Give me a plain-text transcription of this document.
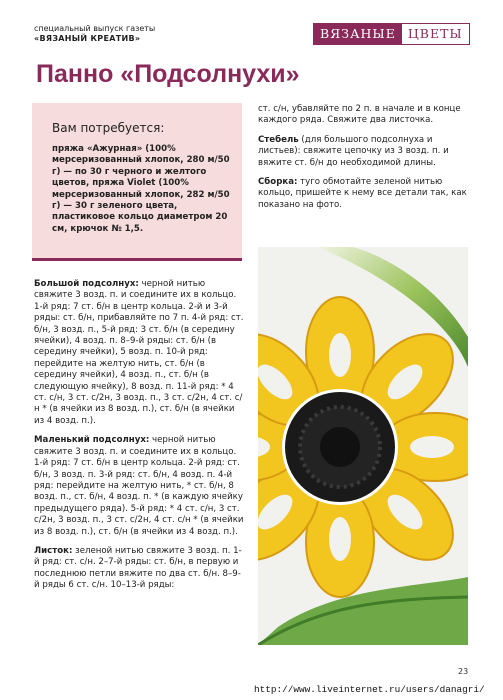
специальный выпуск газеты
«ВЯЗАНЫЙ КРЕАТИВ»	ВЯЗАНЫЕ ЦВЕТЫ
Панно «Подсолнухи»
Вам потребуется:
пряжа «Ажурная» (100% мерсеризованный хлопок, 280 м/50 г) — по 30 г черного и желтого цветов, пряжа Violet (100% мерсеризованный хлопок, 282 м/50 г) — 30 г зеленого цвета, пластиковое кольцо диаметром 20 см, крючок № 1,5.

Большой подсолнух: черной нитью свяжите 3 возд. п. и соедините их в кольцо. 1-й ряд: 7 ст. б/н в центр кольца. 2-й и 3-й ряды: ст. б/н, прибавляйте по 7 п. 4-й ряд: ст. б/н, 3 возд. п., 5-й ряд: 3 ст. б/н (в середину ячейки), 4 возд. п. 8–9-й ряды: ст. б/н (в середину ячейки), 5 возд. п. 10-й ряд: перейдите на желтую нить, ст. б/н (в середину ячейки), 4 возд. п., ст. б/н (в следующую ячейку), 8 возд. п. 11-й ряд: * 4 ст. с/н, 3 ст. с/2н, 3 возд. п., 3 ст. с/2н, 4 ст. с/н * (в ячейки из 8 возд. п.), ст. б/н (в ячейки из 4 возд. п.).

Маленький подсолнух: черной нитью свяжите 3 возд. п. и соедините их в кольцо. 1-й ряд: 7 ст. б/н в центр кольца. 2-й ряд: ст. б/н, 3 возд. п. 3-й ряд: ст. б/н, 4 возд. п. 4-й ряд: перейдите на желтую нить, * ст. б/н, 8 возд. п., ст. б/н, 4 возд. п. * (в каждую ячейку предыдущего ряда). 5-й ряд: * 4 ст. с/н, 3 ст. с/2н, 3 возд. п., 3 ст. с/2н, 4 ст. с/н * (в ячейки из 8 возд. п.), ст. б/н (в ячейки из 4 возд. п.).

Листок: зеленой нитью свяжите 3 возд. п. 1-й ряд: ст. с/н. 2–7-й ряды: ст. б/н, в первую и последнюю петли вяжите по два ст. б/н. 8–9-й ряды 6 ст. с/н. 10–13-й ряды:

ст. с/н, убавляйте по 2 п. в начале и в конце каждого ряда. Свяжите два листочка.

Стебель (для большого подсолнуха и листьев): свяжите цепочку из 3 возд. п. и вяжите ст. б/н до необходимой длины.

Сборка: туго обмотайте зеленой нитью кольцо, пришейте к нему все детали так, как показано на фото.

23
http://www.liveinternet.ru/users/danagri/
